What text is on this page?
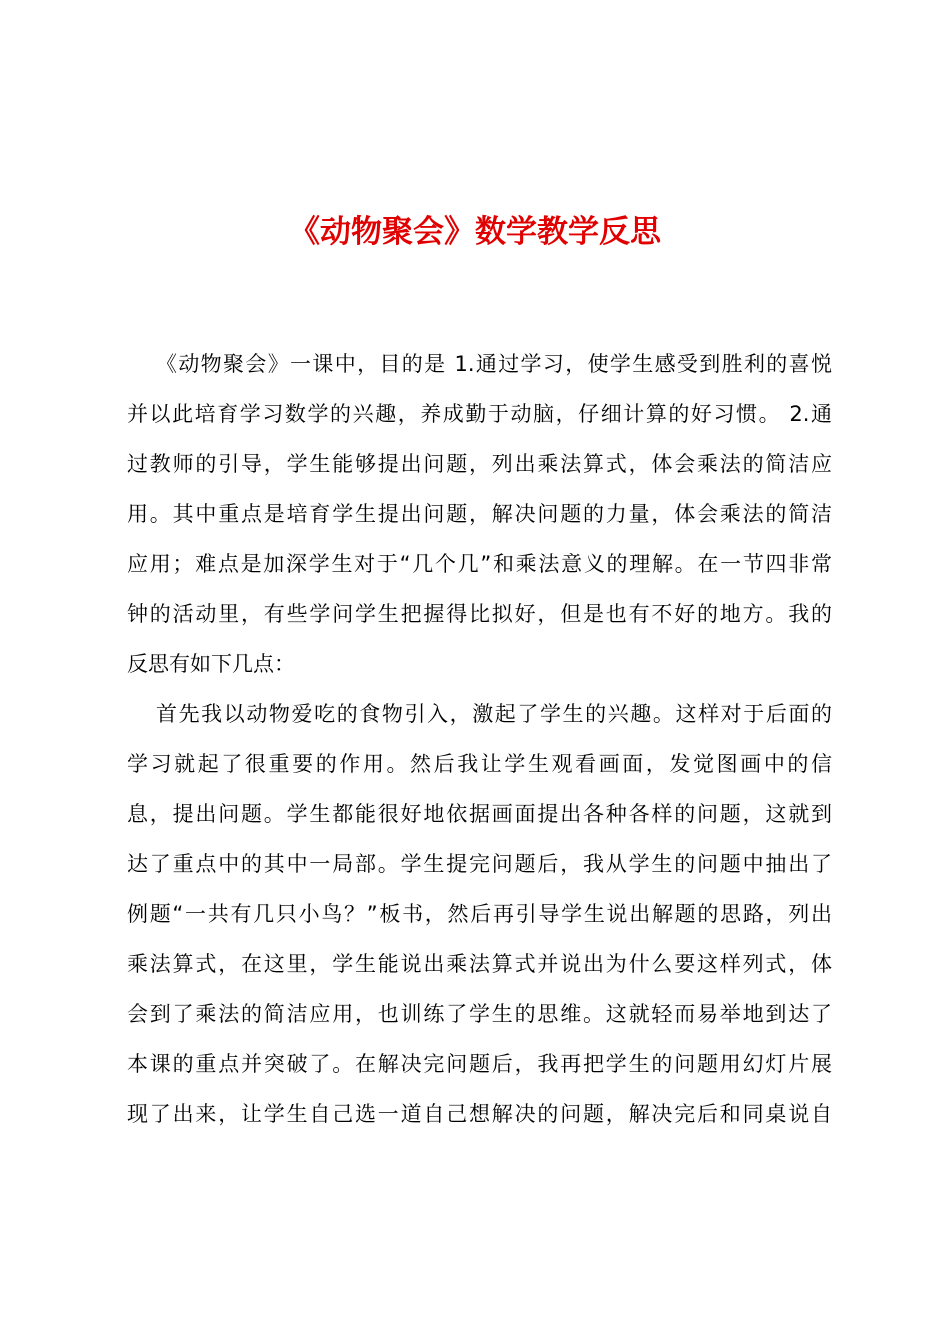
《动物聚会》数学教学反思
《动物聚会》一课中，目的是 1.通过学习，使学生感受到胜利的喜悦
并以此培育学习数学的兴趣，养成勤于动脑，仔细计算的好习惯。 2.通
过教师的引导，学生能够提出问题，列出乘法算式，体会乘法的简洁应
用。其中重点是培育学生提出问题，解决问题的力量，体会乘法的简洁
应用；难点是加深学生对于“几个几”和乘法意义的理解。在一节四非常
钟的活动里，有些学问学生把握得比拟好，但是也有不好的地方。我的
反思有如下几点：
首先我以动物爱吃的食物引入，激起了学生的兴趣。这样对于后面的
学习就起了很重要的作用。然后我让学生观看画面，发觉图画中的信
息，提出问题。学生都能很好地依据画面提出各种各样的问题，这就到
达了重点中的其中一局部。学生提完问题后，我从学生的问题中抽出了
例题“一共有几只小鸟？”板书，然后再引导学生说出解题的思路，列出
乘法算式，在这里，学生能说出乘法算式并说出为什么要这样列式，体
会到了乘法的简洁应用，也训练了学生的思维。这就轻而易举地到达了
本课的重点并突破了。在解决完问题后，我再把学生的问题用幻灯片展
现了出来，让学生自己选一道自己想解决的问题，解决完后和同桌说自
